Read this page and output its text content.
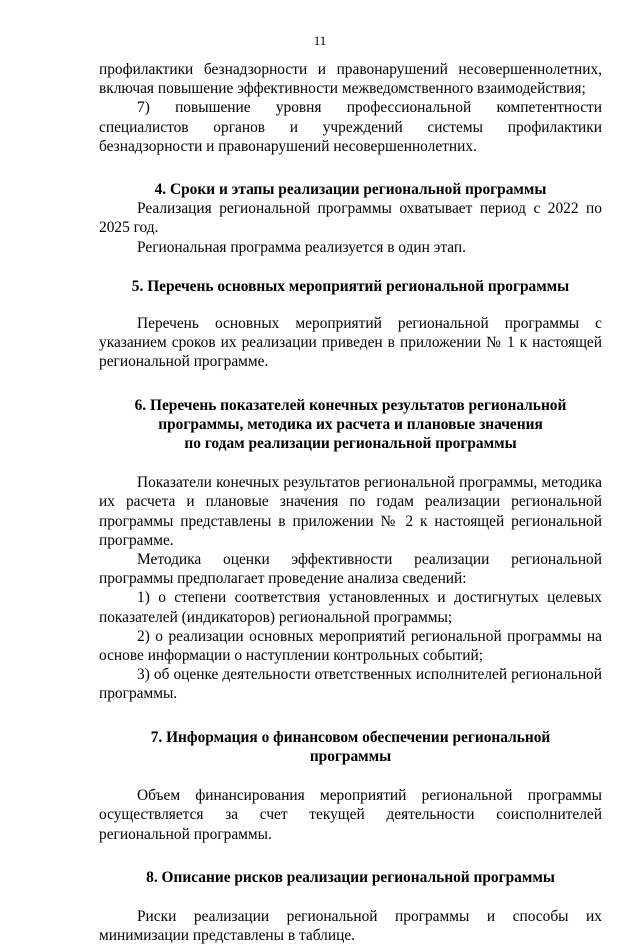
11

профилактики безнадзорности и правонарушений несовершеннолетних, включая повышение эффективности межведомственного взаимодействия;

7) повышение уровня профессиональной компетентности специалистов органов и учреждений системы профилактики безнадзорности и правонарушений несовершеннолетних.

4. Сроки и этапы реализации региональной программы

Реализация региональной программы охватывает период с 2022 по 2025 год.

Региональная программа реализуется в один этап.

5. Перечень основных мероприятий региональной программы

Перечень основных мероприятий региональной программы с указанием сроков их реализации приведен в приложении № 1 к настоящей региональной программе.

6. Перечень показателей конечных результатов региональной
программы, методика их расчета и плановые значения
по годам реализации региональной программы

Показатели конечных результатов региональной программы, методика их расчета и плановые значения по годам реализации региональной программы представлены в приложении № 2 к настоящей региональной программе.

Методика оценки эффективности реализации региональной программы предполагает проведение анализа сведений:

1) о степени соответствия установленных и достигнутых целевых показателей (индикаторов) региональной программы;

2) о реализации основных мероприятий региональной программы на основе информации о наступлении контрольных событий;

3) об оценке деятельности ответственных исполнителей региональной программы.

7. Информация о финансовом обеспечении региональной
программы

Объем финансирования мероприятий региональной программы осуществляется за счет текущей деятельности соисполнителей региональной программы.

8. Описание рисков реализации региональной программы

Риски реализации региональной программы и способы их минимизации представлены в таблице.
